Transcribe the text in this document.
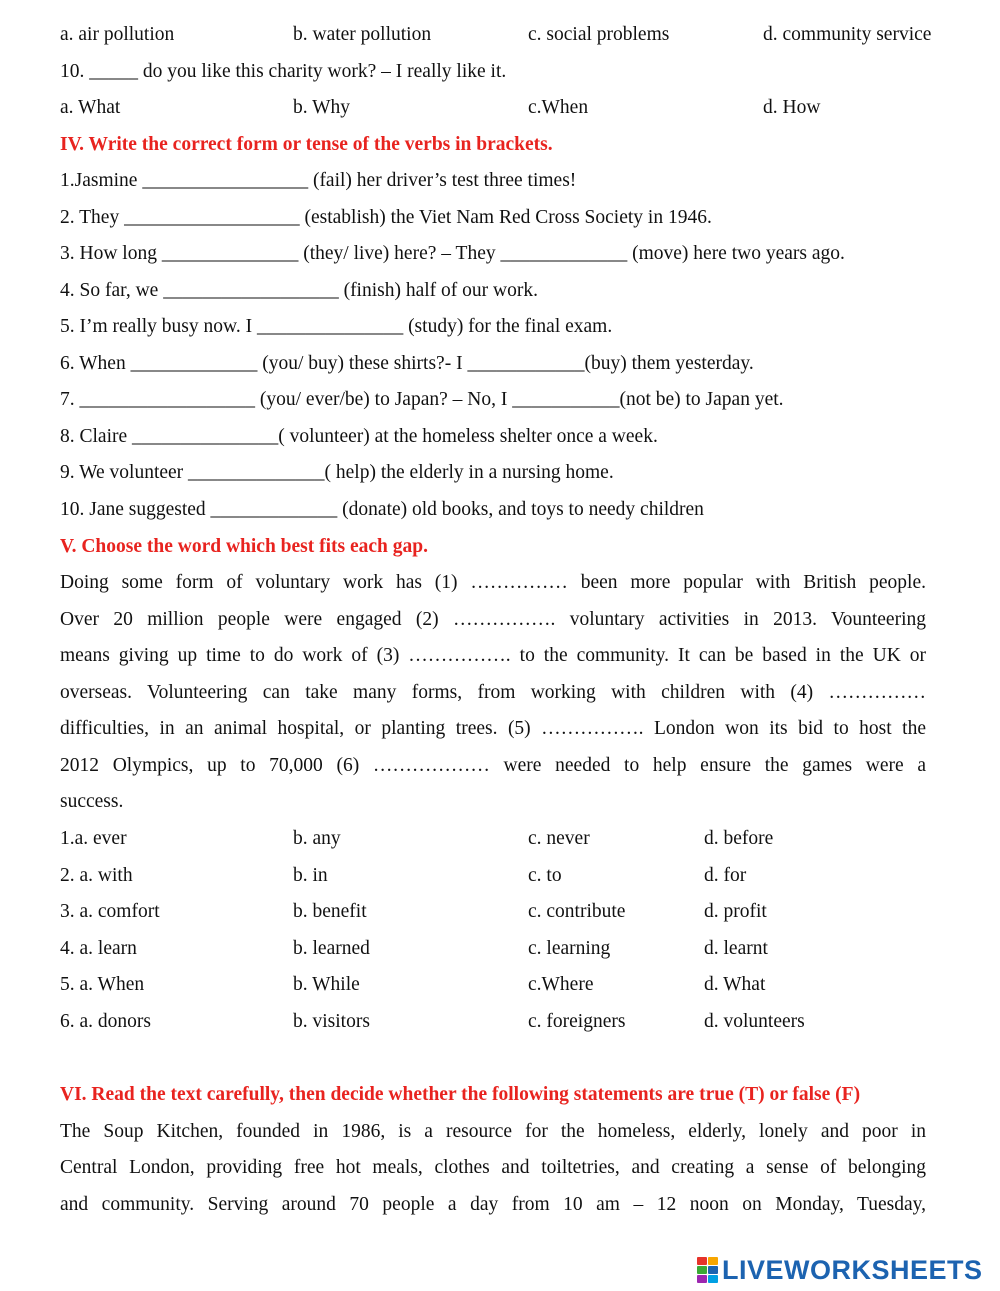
a. air pollution	b. water pollution	c. social problems	d. community service
10. _____ do you like this charity work? – I really like it.
a. What	b. Why	c.When	d. How
IV. Write the correct form or tense of the verbs in brackets.
1.Jasmine _________________ (fail) her driver’s test three times!
2. They __________________ (establish) the Viet Nam Red Cross Society in 1946.
3. How long ______________ (they/ live) here? – They _____________ (move) here two years ago.
4. So far, we __________________ (finish) half of our work.
5. I’m really busy now. I _______________ (study) for the final exam.
6. When _____________ (you/ buy) these shirts?- I ____________(buy) them yesterday.
7. __________________ (you/ ever/be) to Japan? – No, I ___________(not be) to Japan yet.
8. Claire _______________( volunteer) at the homeless shelter once a week.
9. We volunteer ______________( help) the elderly in a nursing home.
10. Jane suggested _____________ (donate) old books, and toys to needy children
V. Choose the word which best fits each gap.
Doing some form of voluntary work has (1) …………… been more popular with British people.
Over 20 million people were engaged (2) ……………. voluntary activities in 2013. Vounteering
means giving up time to do work of (3) ……………. to the community. It can be based in the UK or
overseas. Volunteering can take many forms, from working with children with (4) ……………
difficulties, in an animal hospital, or planting trees. (5) ……………. London won its bid to host the
2012 Olympics, up to 70,000 (6) ……………… were needed to help ensure the games were a
success.
1.a. ever	b. any	c. never	d. before
2. a. with	b. in	c. to	d. for
3. a. comfort	b. benefit	c. contribute	d. profit
4. a. learn	b. learned	c. learning	d. learnt
5. a. When	b. While	c.Where	d. What
6. a. donors	b. visitors	c. foreigners	d. volunteers
VI. Read the text carefully, then decide whether the following statements are true (T) or false (F)
The Soup Kitchen, founded in 1986, is a resource for the homeless, elderly, lonely and poor in
Central London, providing free hot meals, clothes and toiltetries, and creating a sense of belonging
and community. Serving around 70 people a day from 10 am – 12 noon on Monday, Tuesday,
LIVEWORKSHEETS
